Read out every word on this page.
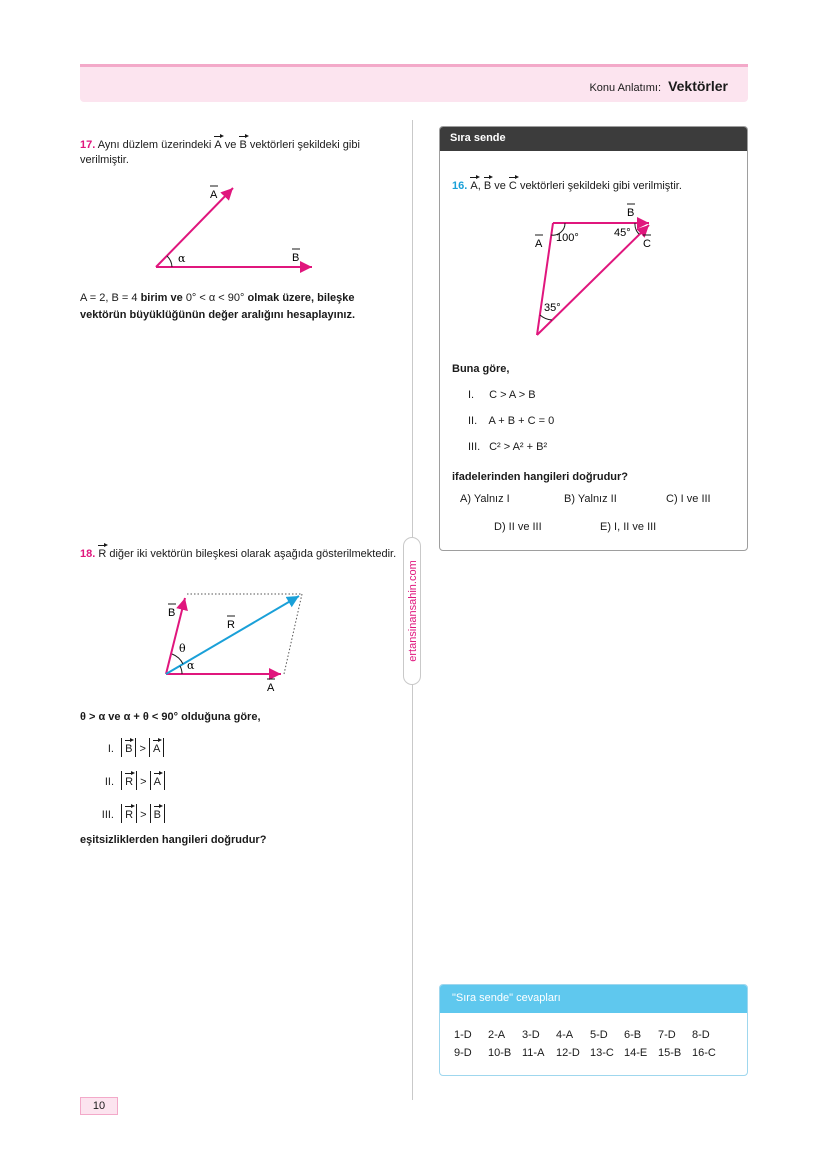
Konu Anlatımı: Vektörler
17. Aynı düzlem üzerindeki A ve B vektörleri şekildeki gibi verilmiştir.
A
B
α
A = 2, B = 4 birim ve 0° < α < 90° olmak üzere, bileşke vektörün büyüklüğünün değer aralığını hesaplayınız.
18. R diğer iki vektörün bileşkesi olarak aşağıda gösterilmektedir.
B
R
A
θ
α
θ > α ve α + θ < 90° olduğuna göre,
I. B > A
II. R > A
III. R > B
eşitsizliklerden hangileri doğrudur?
ertansinansahin.com
Sıra sende
16. A, B ve C vektörleri şekildeki gibi verilmiştir.
B
A	C
100°	45°
35°
Buna göre,
I. C > A > B
II. A + B + C = 0
III. C² > A² + B²
ifadelerinden hangileri doğrudur?
A) Yalnız I	B) Yalnız II	C) I ve III
D) II ve III	E) I, II ve III
"Sıra sende" cevapları
1-D 2-A 3-D 4-A 5-D 6-B 7-D 8-D
9-D 10-B 11-A 12-D 13-C 14-E 15-B 16-C
10
